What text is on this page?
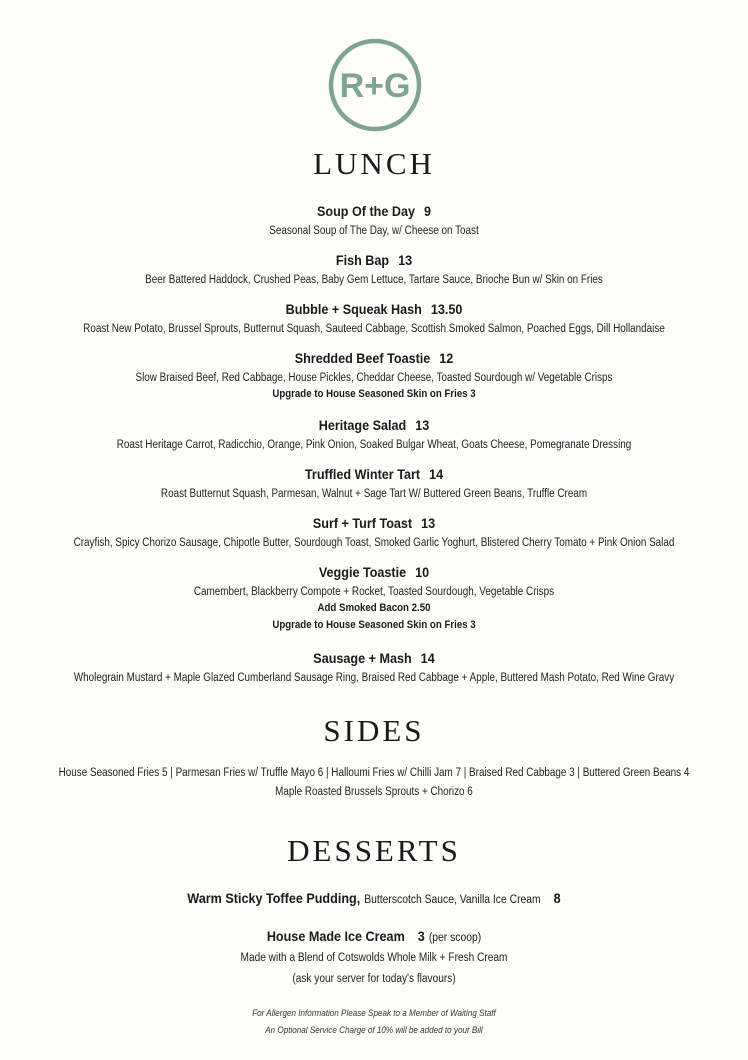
R+G
LUNCH
Soup Of the Day 9
Seasonal Soup of The Day, w/ Cheese on Toast
Fish Bap 13
Beer Battered Haddock, Crushed Peas, Baby Gem Lettuce, Tartare Sauce, Brioche Bun w/ Skin on Fries
Bubble + Squeak Hash 13.50
Roast New Potato, Brussel Sprouts, Butternut Squash, Sauteed Cabbage, Scottish Smoked Salmon, Poached Eggs, Dill Hollandaise
Shredded Beef Toastie 12
Slow Braised Beef, Red Cabbage, House Pickles, Cheddar Cheese, Toasted Sourdough w/ Vegetable Crisps
Upgrade to House Seasoned Skin on Fries 3
Heritage Salad 13
Roast Heritage Carrot, Radicchio, Orange, Pink Onion, Soaked Bulgar Wheat, Goats Cheese, Pomegranate Dressing
Truffled Winter Tart 14
Roast Butternut Squash, Parmesan, Walnut + Sage Tart W/ Buttered Green Beans, Truffle Cream
Surf + Turf Toast 13
Crayfish, Spicy Chorizo Sausage, Chipotle Butter, Sourdough Toast, Smoked Garlic Yoghurt, Blistered Cherry Tomato + Pink Onion Salad
Veggie Toastie 10
Camembert, Blackberry Compote + Rocket, Toasted Sourdough, Vegetable Crisps
Add Smoked Bacon 2.50
Upgrade to House Seasoned Skin on Fries 3
Sausage + Mash 14
Wholegrain Mustard + Maple Glazed Cumberland Sausage Ring, Braised Red Cabbage + Apple, Buttered Mash Potato, Red Wine Gravy
SIDES
House Seasoned Fries 5 | Parmesan Fries w/ Truffle Mayo 6 | Halloumi Fries w/ Chilli Jam 7 | Braised Red Cabbage 3 | Buttered Green Beans 4
Maple Roasted Brussels Sprouts + Chorizo 6
DESSERTS
Warm Sticky Toffee Pudding, Butterscotch Sauce, Vanilla Ice Cream 8
House Made Ice Cream 3 (per scoop)
Made with a Blend of Cotswolds Whole Milk + Fresh Cream
(ask your server for today's flavours)
For Allergen Information Please Speak to a Member of Waiting Staff
An Optional Service Charge of 10% will be added to your Bill
